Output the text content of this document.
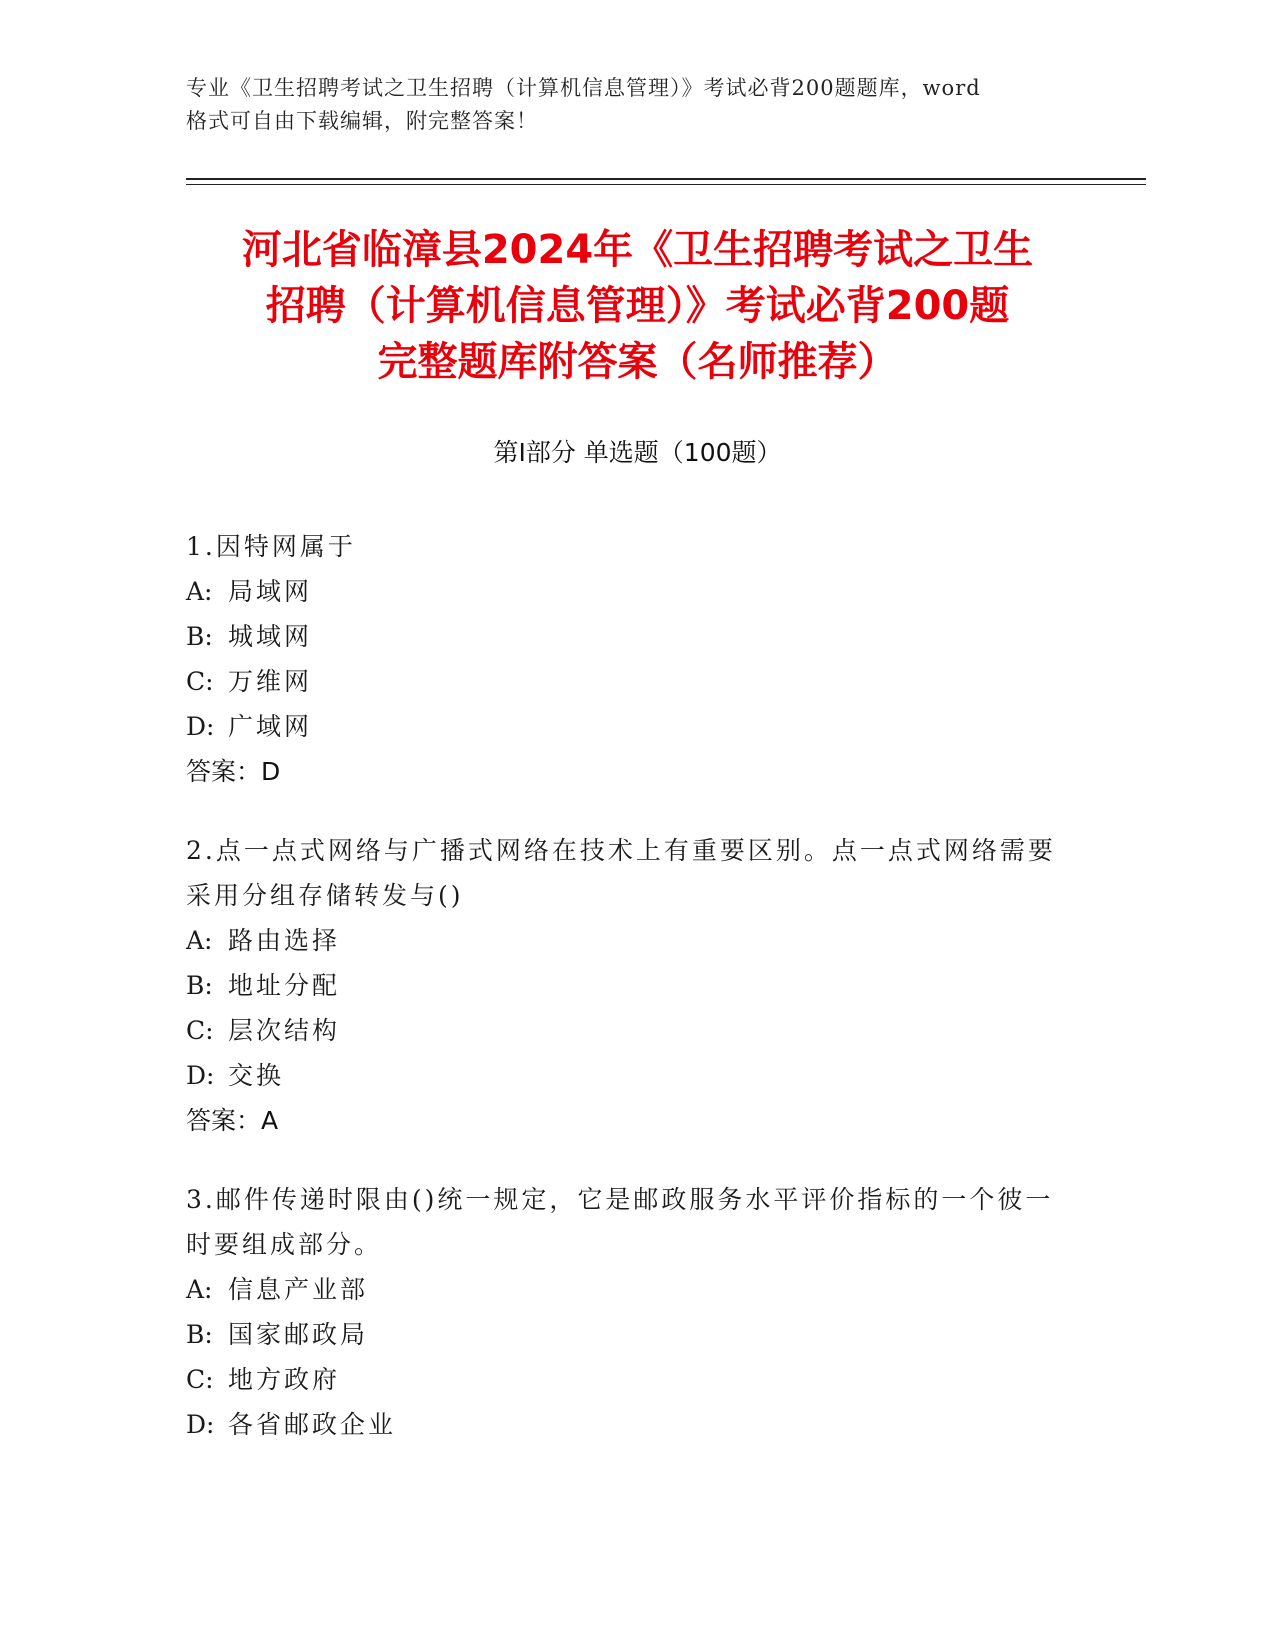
专业《卫生招聘考试之卫生招聘（计算机信息管理）》考试必背200题题库，word
格式可自由下载编辑，附完整答案！
河北省临漳县2024年《卫生招聘考试之卫生
招聘（计算机信息管理）》考试必背200题
完整题库附答案（名师推荐）
第Ⅰ部分 单选题（100题）
1.因特网属于
A: 局域网
B: 城域网
C: 万维网
D: 广域网
答案：D
2.点一点式网络与广播式网络在技术上有重要区别。点一点式网络需要采用分组存储转发与()
A: 路由选择
B: 地址分配
C: 层次结构
D: 交换
答案：A
3.邮件传递时限由()统一规定，它是邮政服务水平评价指标的一个彼一时要组成部分。
A: 信息产业部
B: 国家邮政局
C: 地方政府
D: 各省邮政企业
